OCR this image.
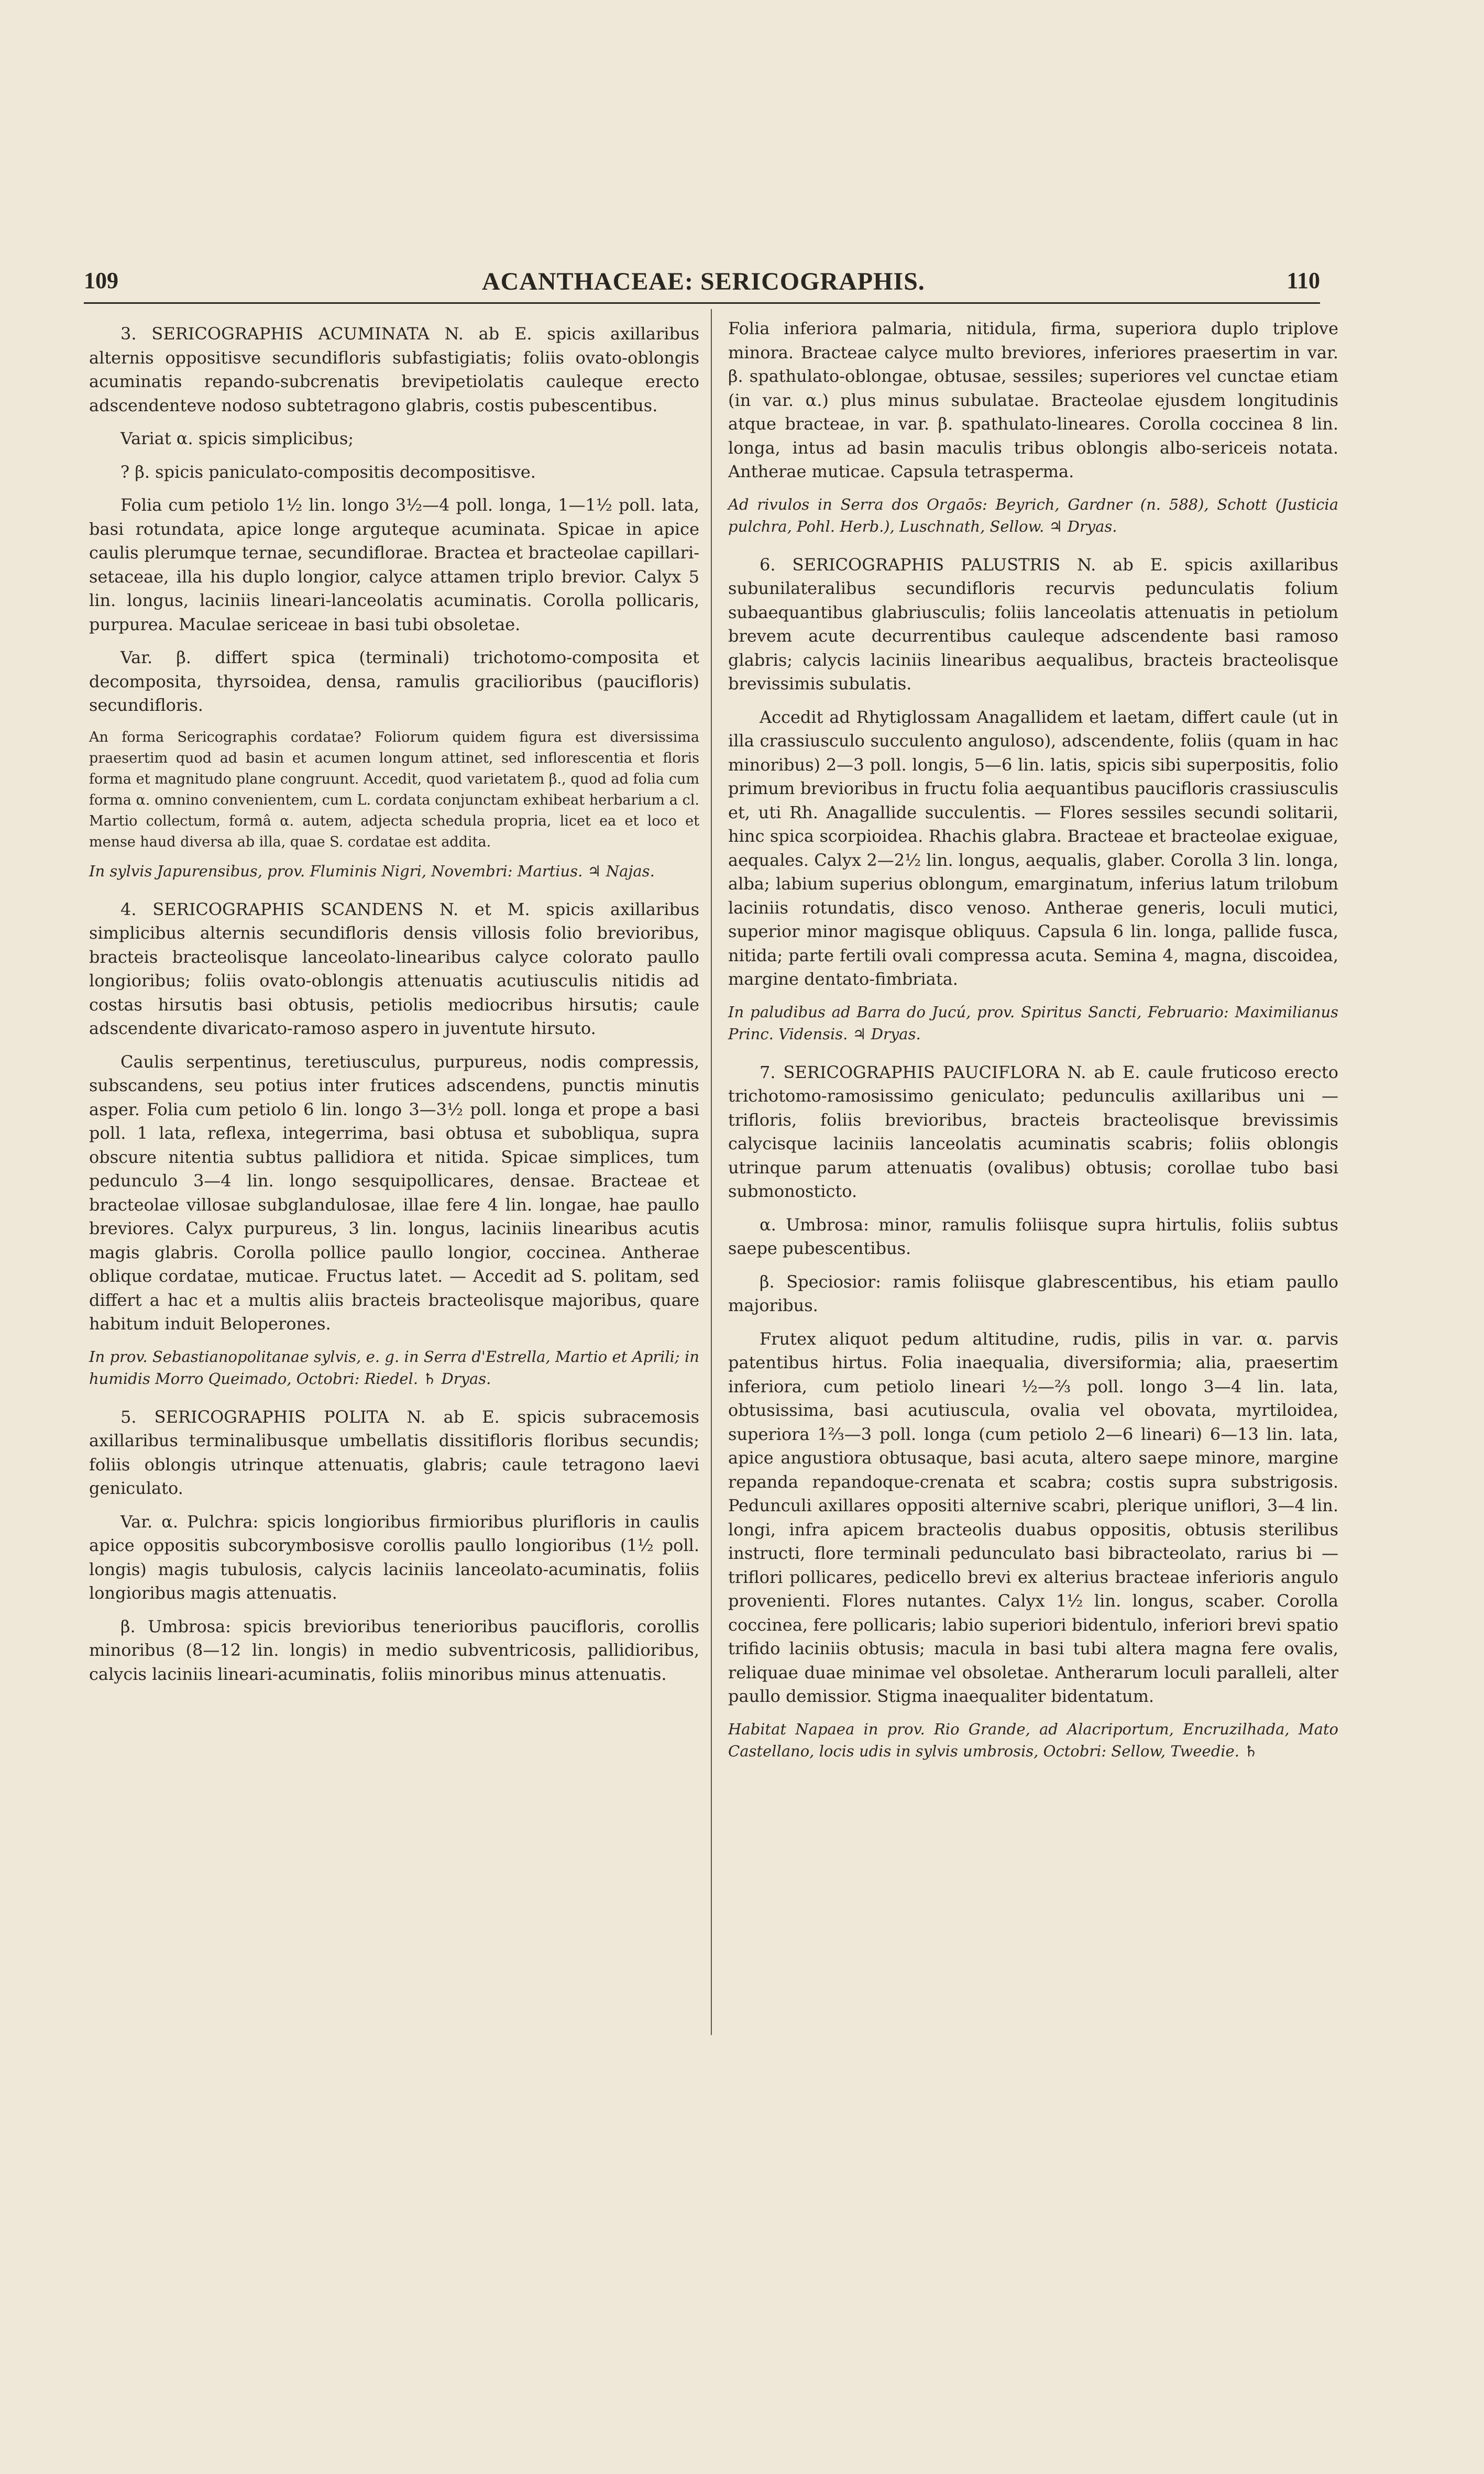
109	ACANTHACEAE: SERICOGRAPHIS.	110

3. SERICOGRAPHIS ACUMINATA N. ab E. spicis axillaribus alternis oppositisve secundifloris subfastigiatis; foliis ovato-oblongis acuminatis repando-subcrenatis brevipetiolatis cauleque erecto adscendenteve nodoso subtetragono glabris, costis pubescentibus.

Variat α. spicis simplicibus;

? β. spicis paniculato-compositis decompositisve.

Folia cum petiolo 1½ lin. longo 3½—4 poll. longa, 1—1½ poll. lata, basi rotundata, apice longe arguteque acuminata. Spicae in apice caulis plerumque ternae, secundiflorae. Bractea et bracteolae capillari-setaceae, illa his duplo longior, calyce attamen triplo brevior. Calyx 5 lin. longus, laciniis lineari-lanceolatis acuminatis. Corolla pollicaris, purpurea. Maculae sericeae in basi tubi obsoletae.

Var. β. differt spica (terminali) trichotomo-composita et decomposita, thyrsoidea, densa, ramulis gracilioribus (paucifloris) secundifloris.

An forma Sericographis cordatae? Foliorum quidem figura est diversissima praesertim quod ad basin et acumen longum attinet, sed inflorescentia et floris forma et magnitudo plane congruunt. Accedit, quod varietatem β., quod ad folia cum forma α. omnino convenientem, cum L. cordata conjunctam exhibeat herbarium a cl. Martio collectum, formâ α. autem, adjecta schedula propria, licet ea et loco et mense haud diversa ab illa, quae S. cordatae est addita.

In sylvis Japurensibus, prov. Fluminis Nigri, Novembri: Martius. ♃ Najas.

4. SERICOGRAPHIS SCANDENS N. et M. spicis axillaribus simplicibus alternis secundifloris densis villosis folio brevioribus, bracteis bracteolisque lanceolato-linearibus calyce colorato paullo longioribus; foliis ovato-oblongis attenuatis acutiusculis nitidis ad costas hirsutis basi obtusis, petiolis mediocribus hirsutis; caule adscendente divaricato-ramoso aspero in juventute hirsuto.

Caulis serpentinus, teretiusculus, purpureus, nodis compressis, subscandens, seu potius inter frutices adscendens, punctis minutis asper. Folia cum petiolo 6 lin. longo 3—3½ poll. longa et prope a basi poll. 1 lata, reflexa, integerrima, basi obtusa et subobliqua, supra obscure nitentia subtus pallidiora et nitida. Spicae simplices, tum pedunculo 3—4 lin. longo sesquipollicares, densae. Bracteae et bracteolae villosae subglandulosae, illae fere 4 lin. longae, hae paullo breviores. Calyx purpureus, 3 lin. longus, laciniis linearibus acutis magis glabris. Corolla pollice paullo longior, coccinea. Antherae oblique cordatae, muticae. Fructus latet. — Accedit ad S. politam, sed differt a hac et a multis aliis bracteis bracteolisque majoribus, quare habitum induit Beloperones.

In prov. Sebastianopolitanae sylvis, e. g. in Serra d'Estrella, Martio et Aprili; in humidis Morro Queimado, Octobri: Riedel. ♄ Dryas.

5. SERICOGRAPHIS POLITA N. ab E. spicis subracemosis axillaribus terminalibusque umbellatis dissitifloris floribus secundis; foliis oblongis utrinque attenuatis, glabris; caule tetragono laevi geniculato.

Var. α. Pulchra: spicis longioribus firmioribus plurifloris in caulis apice oppositis subcorymbosisve corollis paullo longioribus (1½ poll. longis) magis tubulosis, calycis laciniis lanceolato-acuminatis, foliis longioribus magis attenuatis.

β. Umbrosa: spicis brevioribus tenerioribus paucifloris, corollis minoribus (8—12 lin. longis) in medio subventricosis, pallidioribus, calycis laciniis lineari-acuminatis, foliis minoribus minus attenuatis.

Folia inferiora palmaria, nitidula, firma, superiora duplo triplove minora. Bracteae calyce multo breviores, inferiores praesertim in var. β. spathulato-oblongae, obtusae, sessiles; superiores vel cunctae etiam (in var. α.) plus minus subulatae. Bracteolae ejusdem longitudinis atque bracteae, in var. β. spathulato-lineares. Corolla coccinea 8 lin. longa, intus ad basin maculis tribus oblongis albo-sericeis notata. Antherae muticae. Capsula tetrasperma.

Ad rivulos in Serra dos Orgaōs: Beyrich, Gardner (n. 588), Schott (Justicia pulchra, Pohl. Herb.), Luschnath, Sellow. ♃ Dryas.

6. SERICOGRAPHIS PALUSTRIS N. ab E. spicis axillaribus subunilateralibus secundifloris recurvis pedunculatis folium subaequantibus glabriusculis; foliis lanceolatis attenuatis in petiolum brevem acute decurrentibus cauleque adscendente basi ramoso glabris; calycis laciniis linearibus aequalibus, bracteis bracteolisque brevissimis subulatis.

Accedit ad Rhytiglossam Anagallidem et laetam, differt caule (ut in illa crassiusculo succulento anguloso), adscendente, foliis (quam in hac minoribus) 2—3 poll. longis, 5—6 lin. latis, spicis sibi superpositis, folio primum brevioribus in fructu folia aequantibus paucifloris crassiusculis et, uti Rh. Anagallide succulentis. — Flores sessiles secundi solitarii, hinc spica scorpioidea. Rhachis glabra. Bracteae et bracteolae exiguae, aequales. Calyx 2—2½ lin. longus, aequalis, glaber. Corolla 3 lin. longa, alba; labium superius oblongum, emarginatum, inferius latum trilobum laciniis rotundatis, disco venoso. Antherae generis, loculi mutici, superior minor magisque obliquus. Capsula 6 lin. longa, pallide fusca, nitida; parte fertili ovali compressa acuta. Semina 4, magna, discoidea, margine dentato-fimbriata.

In paludibus ad Barra do Jucú, prov. Spiritus Sancti, Februario: Maximilianus Princ. Vidensis. ♃ Dryas.

7. SERICOGRAPHIS PAUCIFLORA N. ab E. caule fruticoso erecto trichotomo-ramosissimo geniculato; pedunculis axillaribus uni — trifloris, foliis brevioribus, bracteis bracteolisque brevissimis calycisque laciniis lanceolatis acuminatis scabris; foliis oblongis utrinque parum attenuatis (ovalibus) obtusis; corollae tubo basi submonosticto.

α. Umbrosa: minor, ramulis foliisque supra hirtulis, foliis subtus saepe pubescentibus.

β. Speciosior: ramis foliisque glabrescentibus, his etiam paullo majoribus.

Frutex aliquot pedum altitudine, rudis, pilis in var. α. parvis patentibus hirtus. Folia inaequalia, diversiformia; alia, praesertim inferiora, cum petiolo lineari ½—⅔ poll. longo 3—4 lin. lata, obtusissima, basi acutiuscula, ovalia vel obovata, myrtiloidea, superiora 1⅔—3 poll. longa (cum petiolo 2—6 lineari) 6—13 lin. lata, apice angustiora obtusaque, basi acuta, altero saepe minore, margine repanda repandoque-crenata et scabra; costis supra substrigosis. Pedunculi axillares oppositi alternive scabri, plerique uniflori, 3—4 lin. longi, infra apicem bracteolis duabus oppositis, obtusis sterilibus instructi, flore terminali pedunculato basi bibracteolato, rarius bi — triflori pollicares, pedicello brevi ex alterius bracteae inferioris angulo provenienti. Flores nutantes. Calyx 1½ lin. longus, scaber. Corolla coccinea, fere pollicaris; labio superiori bidentulo, inferiori brevi spatio trifido laciniis obtusis; macula in basi tubi altera magna fere ovalis, reliquae duae minimae vel obsoletae. Antherarum loculi paralleli, alter paullo demissior. Stigma inaequaliter bidentatum.

Habitat Napaea in prov. Rio Grande, ad Alacriportum, Encruzilhada, Mato Castellano, locis udis in sylvis umbrosis, Octobri: Sellow, Tweedie. ♄
